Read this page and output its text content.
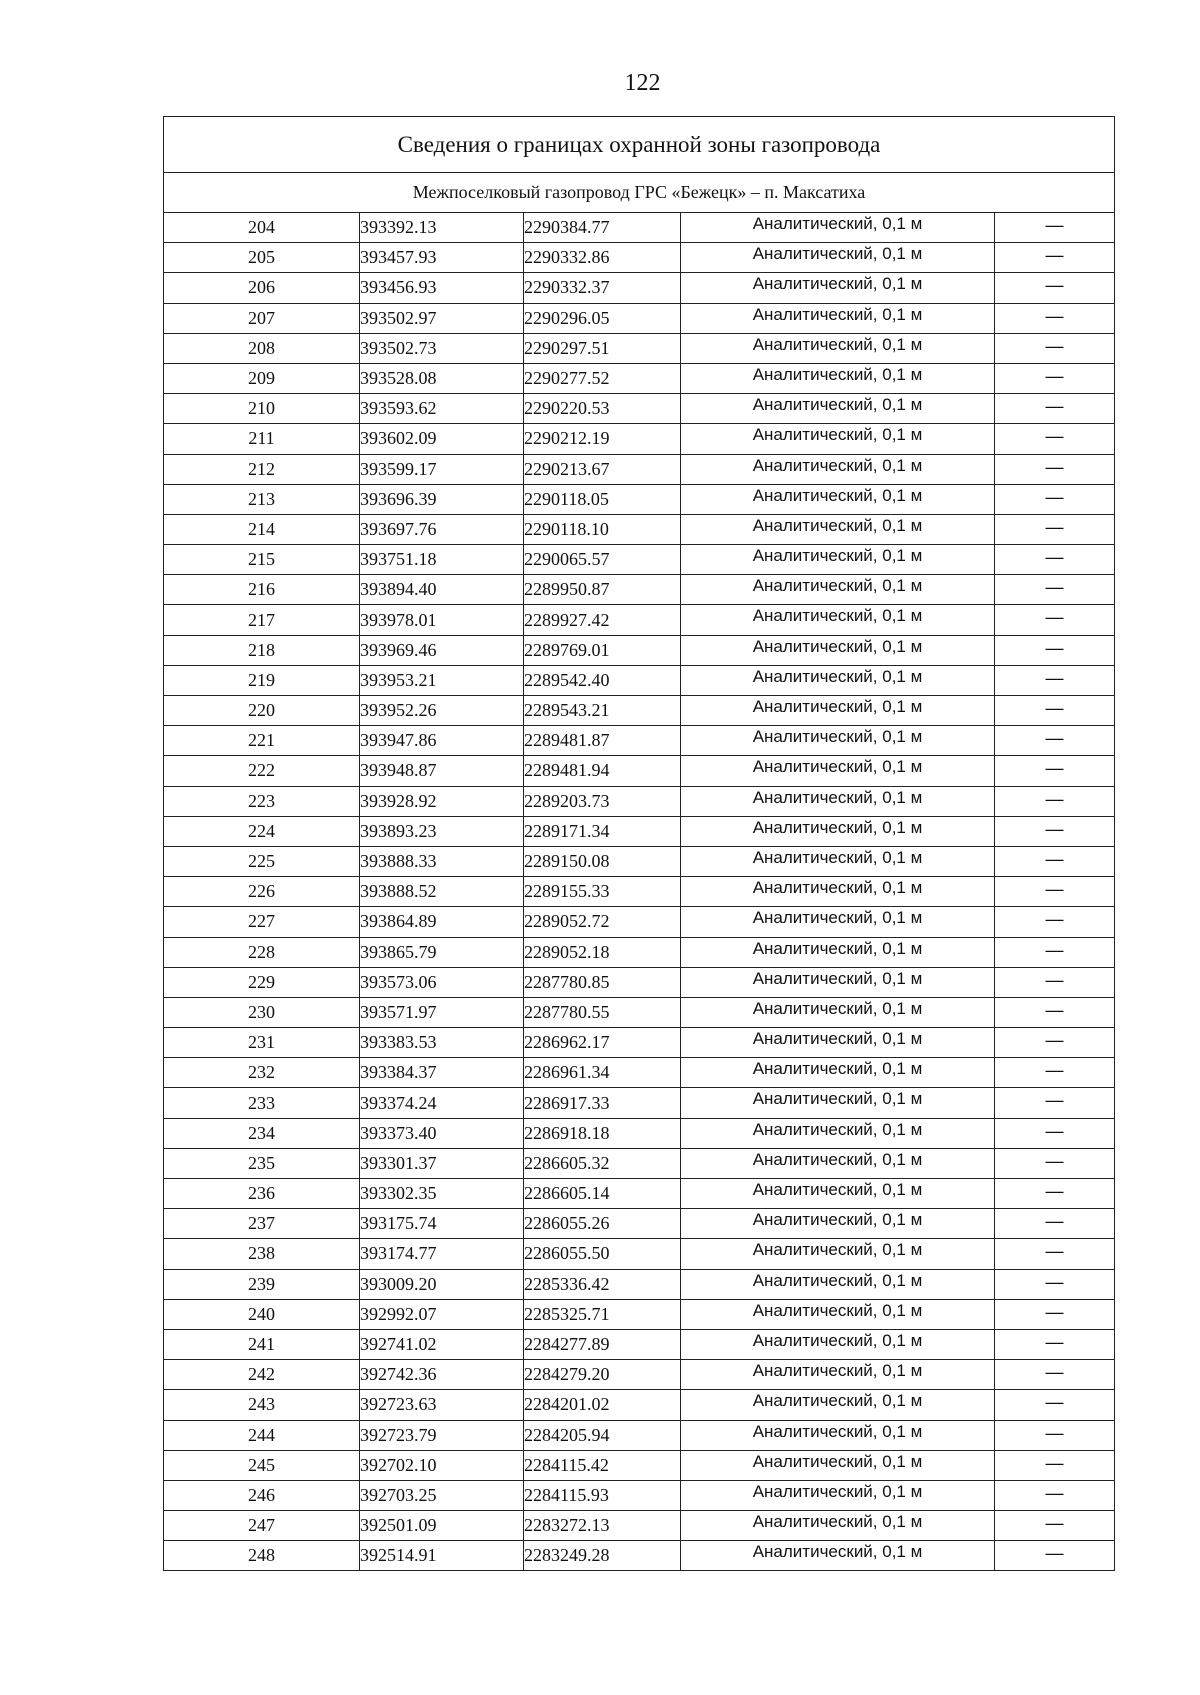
122
Сведения о границах охранной зоны газопровода				
Межпоселковый газопровод ГРС «Бежецк» – п. Максатиха				
204	393392.13	2290384.77	Аналитический, 0,1 м	—
205	393457.93	2290332.86	Аналитический, 0,1 м	—
206	393456.93	2290332.37	Аналитический, 0,1 м	—
207	393502.97	2290296.05	Аналитический, 0,1 м	—
208	393502.73	2290297.51	Аналитический, 0,1 м	—
209	393528.08	2290277.52	Аналитический, 0,1 м	—
210	393593.62	2290220.53	Аналитический, 0,1 м	—
211	393602.09	2290212.19	Аналитический, 0,1 м	—
212	393599.17	2290213.67	Аналитический, 0,1 м	—
213	393696.39	2290118.05	Аналитический, 0,1 м	—
214	393697.76	2290118.10	Аналитический, 0,1 м	—
215	393751.18	2290065.57	Аналитический, 0,1 м	—
216	393894.40	2289950.87	Аналитический, 0,1 м	—
217	393978.01	2289927.42	Аналитический, 0,1 м	—
218	393969.46	2289769.01	Аналитический, 0,1 м	—
219	393953.21	2289542.40	Аналитический, 0,1 м	—
220	393952.26	2289543.21	Аналитический, 0,1 м	—
221	393947.86	2289481.87	Аналитический, 0,1 м	—
222	393948.87	2289481.94	Аналитический, 0,1 м	—
223	393928.92	2289203.73	Аналитический, 0,1 м	—
224	393893.23	2289171.34	Аналитический, 0,1 м	—
225	393888.33	2289150.08	Аналитический, 0,1 м	—
226	393888.52	2289155.33	Аналитический, 0,1 м	—
227	393864.89	2289052.72	Аналитический, 0,1 м	—
228	393865.79	2289052.18	Аналитический, 0,1 м	—
229	393573.06	2287780.85	Аналитический, 0,1 м	—
230	393571.97	2287780.55	Аналитический, 0,1 м	—
231	393383.53	2286962.17	Аналитический, 0,1 м	—
232	393384.37	2286961.34	Аналитический, 0,1 м	—
233	393374.24	2286917.33	Аналитический, 0,1 м	—
234	393373.40	2286918.18	Аналитический, 0,1 м	—
235	393301.37	2286605.32	Аналитический, 0,1 м	—
236	393302.35	2286605.14	Аналитический, 0,1 м	—
237	393175.74	2286055.26	Аналитический, 0,1 м	—
238	393174.77	2286055.50	Аналитический, 0,1 м	—
239	393009.20	2285336.42	Аналитический, 0,1 м	—
240	392992.07	2285325.71	Аналитический, 0,1 м	—
241	392741.02	2284277.89	Аналитический, 0,1 м	—
242	392742.36	2284279.20	Аналитический, 0,1 м	—
243	392723.63	2284201.02	Аналитический, 0,1 м	—
244	392723.79	2284205.94	Аналитический, 0,1 м	—
245	392702.10	2284115.42	Аналитический, 0,1 м	—
246	392703.25	2284115.93	Аналитический, 0,1 м	—
247	392501.09	2283272.13	Аналитический, 0,1 м	—
248	392514.91	2283249.28	Аналитический, 0,1 м	—
